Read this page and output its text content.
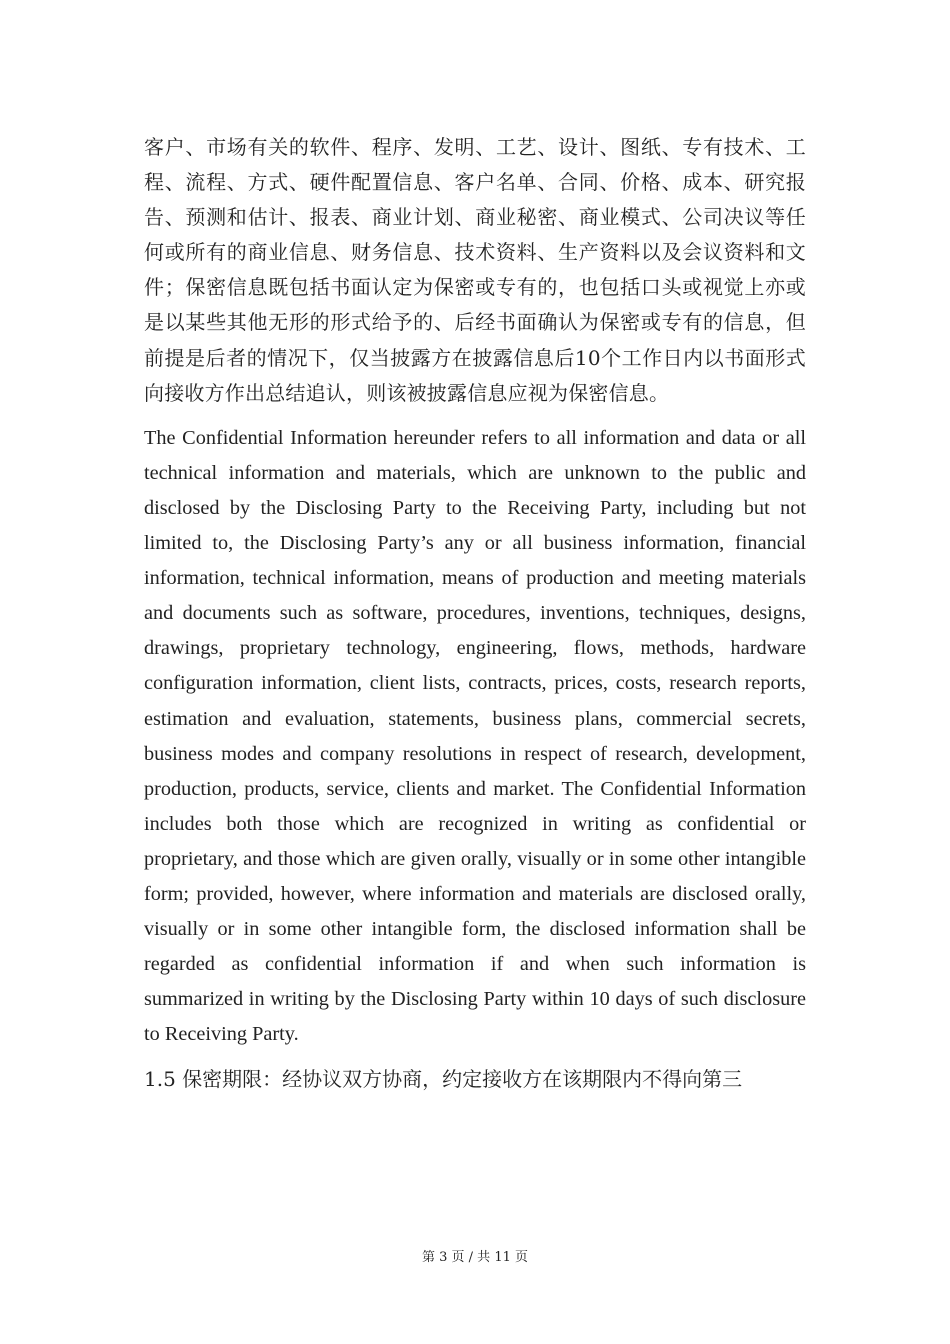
客户、市场有关的软件、程序、发明、工艺、设计、图纸、专有技术、工程、流程、方式、硬件配置信息、客户名单、合同、价格、成本、研究报告、预测和估计、报表、商业计划、商业秘密、商业模式、公司决议等任何或所有的商业信息、财务信息、技术资料、生产资料以及会议资料和文件；保密信息既包括书面认定为保密或专有的，也包括口头或视觉上亦或是以某些其他无形的形式给予的、后经书面确认为保密或专有的信息，但前提是后者的情况下，仅当披露方在披露信息后10个工作日内以书面形式向接收方作出总结追认，则该被披露信息应视为保密信息。

The Confidential Information hereunder refers to all information and data or all technical information and materials, which are unknown to the public and disclosed by the Disclosing Party to the Receiving Party, including but not limited to, the Disclosing Party’s any or all business information, financial information, technical information, means of production and meeting materials and documents such as software, procedures, inventions, techniques, designs, drawings, proprietary technology, engineering, flows, methods, hardware configuration information, client lists, contracts, prices, costs, research reports, estimation and evaluation, statements, business plans, commercial secrets, business modes and company resolutions in respect of research, development, production, products, service, clients and market. The Confidential Information includes both those which are recognized in writing as confidential or proprietary, and those which are given orally, visually or in some other intangible form; provided, however, where information and materials are disclosed orally, visually or in some other intangible form, the disclosed information shall be regarded as confidential information if and when such information is summarized in writing by the Disclosing Party within 10 days of such disclosure to Receiving Party.

1.5 保密期限：经协议双方协商，约定接收方在该期限内不得向第三

第 3 页 / 共 11 页
